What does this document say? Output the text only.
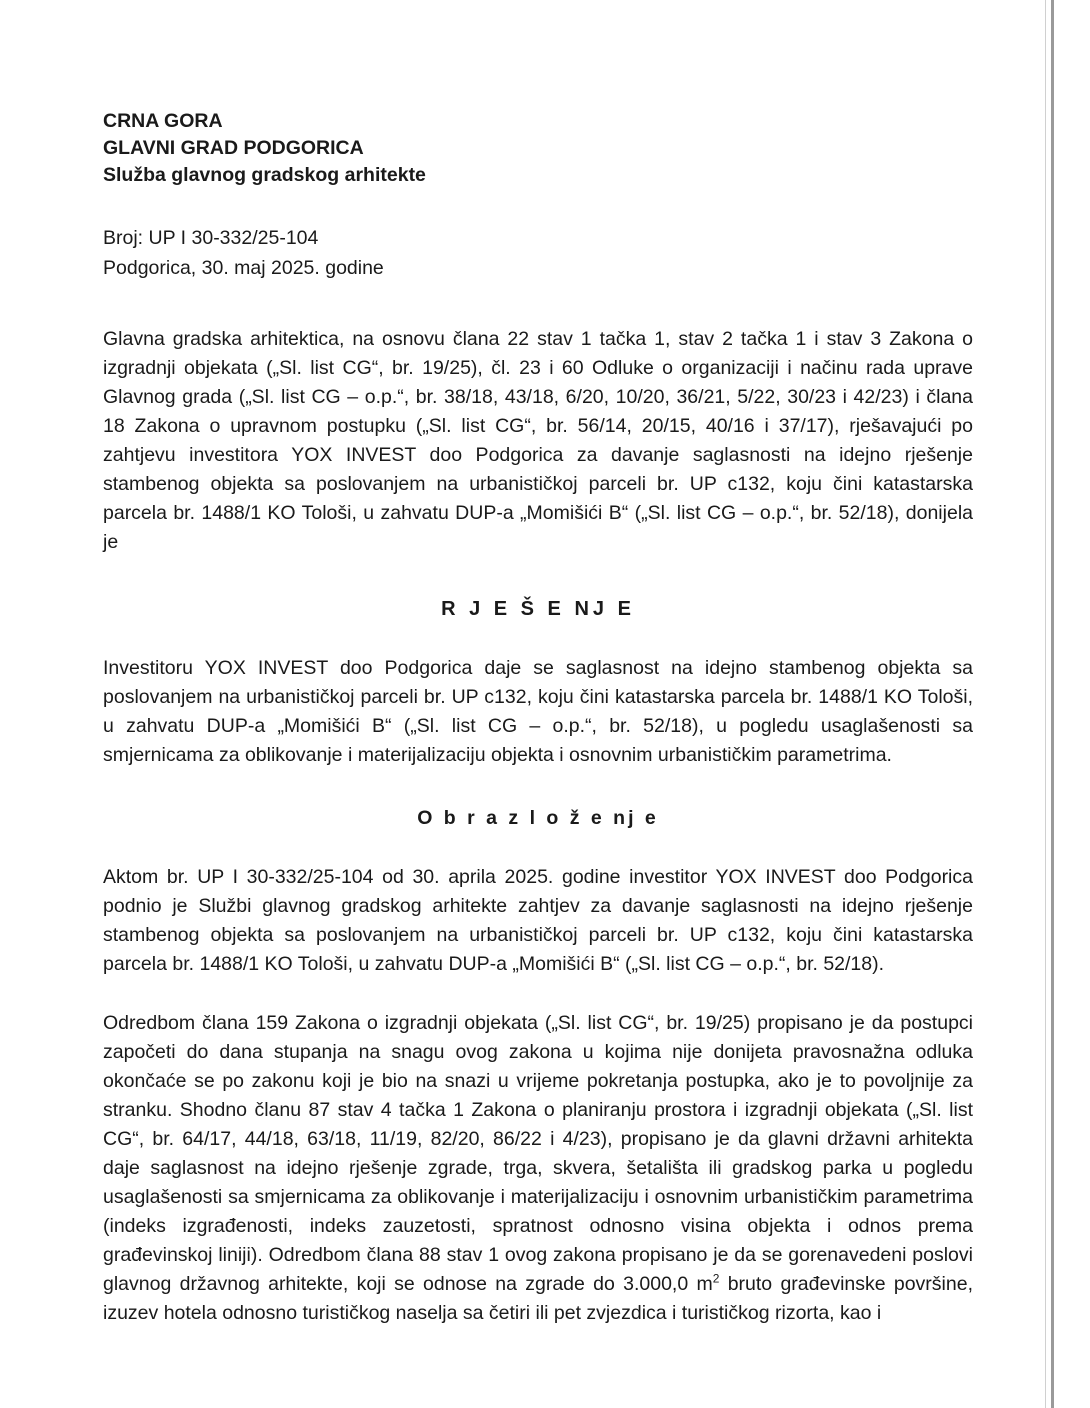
CRNA GORA
GLAVNI GRAD PODGORICA
Služba glavnog gradskog arhitekte
Broj: UP I 30-332/25-104
Podgorica, 30. maj 2025. godine

Glavna gradska arhitektica, na osnovu člana 22 stav 1 tačka 1, stav 2 tačka 1 i stav 3 Zakona o izgradnji objekata („Sl. list CG“, br. 19/25), čl. 23 i 60 Odluke o organizaciji i načinu rada uprave Glavnog grada („Sl. list CG – o.p.“, br. 38/18, 43/18, 6/20, 10/20, 36/21, 5/22, 30/23 i 42/23) i člana 18 Zakona o upravnom postupku („Sl. list CG“, br. 56/14, 20/15, 40/16 i 37/17), rješavajući po zahtjevu investitora YOX INVEST doo Podgorica za davanje saglasnosti na idejno rješenje stambenog objekta sa poslovanjem na urbanističkoj parceli br. UP c132, koju čini katastarska parcela br. 1488/1 KO Tološi, u zahvatu DUP-a „Momišići B“ („Sl. list CG – o.p.“, br. 52/18), donijela je

R J E Š E NJ E

Investitoru YOX INVEST doo Podgorica daje se saglasnost na idejno stambenog objekta sa poslovanjem na urbanističkoj parceli br. UP c132, koju čini katastarska parcela br. 1488/1 KO Tološi, u zahvatu DUP-a „Momišići B“ („Sl. list CG – o.p.“, br. 52/18), u pogledu usaglašenosti sa smjernicama za oblikovanje i materijalizaciju objekta i osnovnim urbanističkim parametrima.

O b r a z l o ž e nj e

Aktom br. UP I 30-332/25-104 od 30. aprila 2025. godine investitor YOX INVEST doo Podgorica podnio je Službi glavnog gradskog arhitekte zahtjev za davanje saglasnosti na idejno rješenje stambenog objekta sa poslovanjem na urbanističkoj parceli br. UP c132, koju čini katastarska parcela br. 1488/1 KO Tološi, u zahvatu DUP-a „Momišići B“ („Sl. list CG – o.p.“, br. 52/18).

Odredbom člana 159 Zakona o izgradnji objekata („Sl. list CG“, br. 19/25) propisano je da postupci započeti do dana stupanja na snagu ovog zakona u kojima nije donijeta pravosnažna odluka okončaće se po zakonu koji je bio na snazi u vrijeme pokretanja postupka, ako je to povoljnije za stranku. Shodno članu 87 stav 4 tačka 1 Zakona o planiranju prostora i izgradnji objekata („Sl. list CG“, br. 64/17, 44/18, 63/18, 11/19, 82/20, 86/22 i 4/23), propisano je da glavni državni arhitekta daje saglasnost na idejno rješenje zgrade, trga, skvera, šetališta ili gradskog parka u pogledu usaglašenosti sa smjernicama za oblikovanje i materijalizaciju i osnovnim urbanističkim parametrima (indeks izgrađenosti, indeks zauzetosti, spratnost odnosno visina objekta i odnos prema građevinskoj liniji). Odredbom člana 88 stav 1 ovog zakona propisano je da se gorenavedeni poslovi glavnog državnog arhitekte, koji se odnose na zgrade do 3.000,0 $m^2$ bruto građevinske površine, izuzev hotela odnosno turističkog naselja sa četiri ili pet zvjezdica i turističkog rizorta, kao i
